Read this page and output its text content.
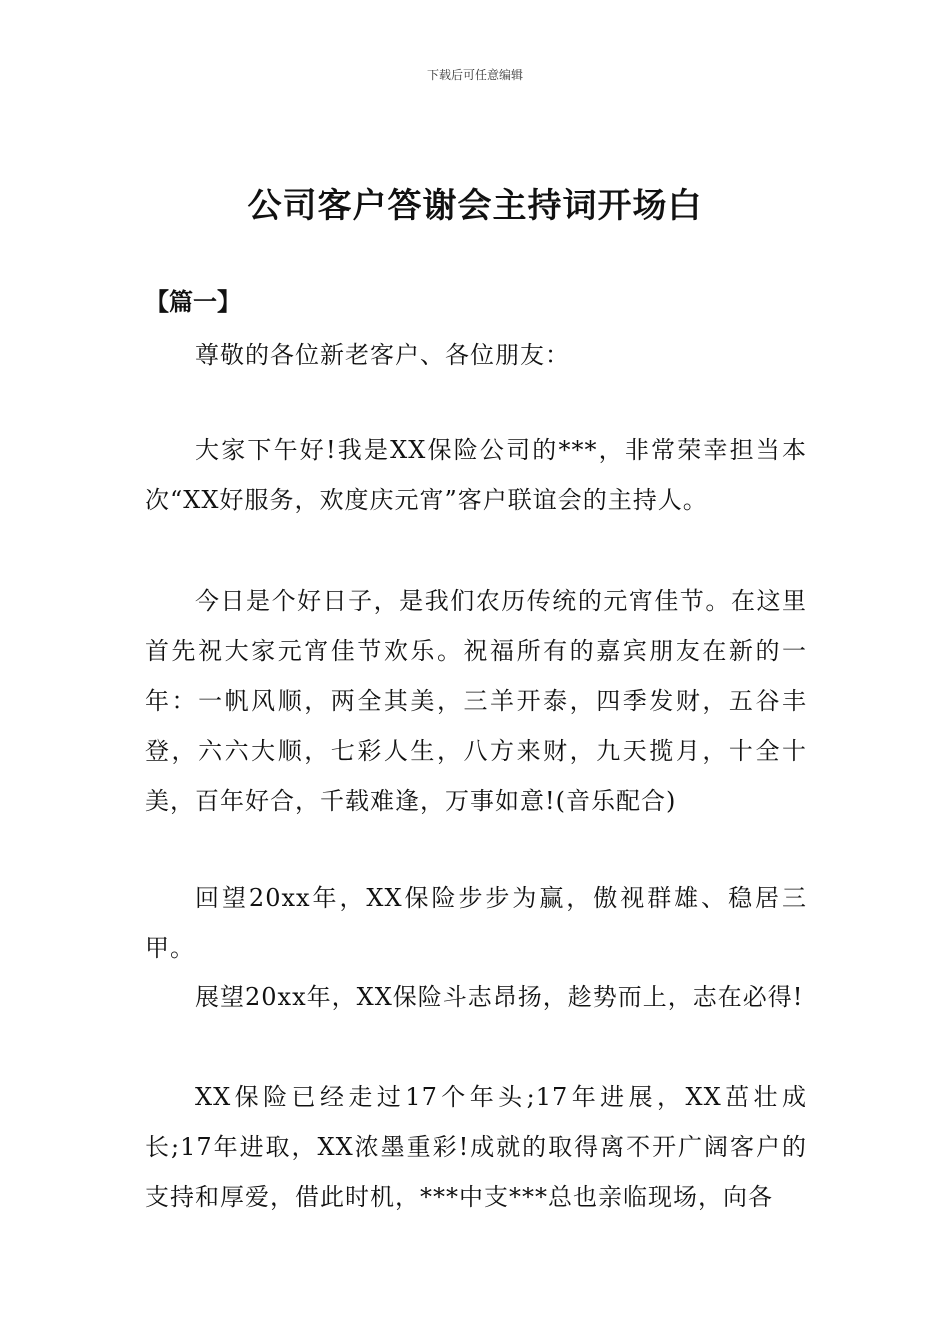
下载后可任意编辑
公司客户答谢会主持词开场白
【篇一】

尊敬的各位新老客户、各位朋友：

大家下午好!我是XX保险公司的***，非常荣幸担当本次“XX好服务，欢度庆元宵”客户联谊会的主持人。

今日是个好日子，是我们农历传统的元宵佳节。在这里首先祝大家元宵佳节欢乐。祝福所有的嘉宾朋友在新的一年：一帆风顺，两全其美，三羊开泰，四季发财，五谷丰登，六六大顺，七彩人生，八方来财，九天揽月，十全十美，百年好合，千载难逢，万事如意!(音乐配合)

回望20xx年，XX保险步步为赢，傲视群雄、稳居三甲。

展望20xx年，XX保险斗志昂扬，趁势而上，志在必得!

XX保险已经走过17个年头;17年进展，XX茁壮成长;17年进取，XX浓墨重彩!成就的取得离不开广阔客户的支持和厚爱，借此时机，***中支***总也亲临现场，向各
